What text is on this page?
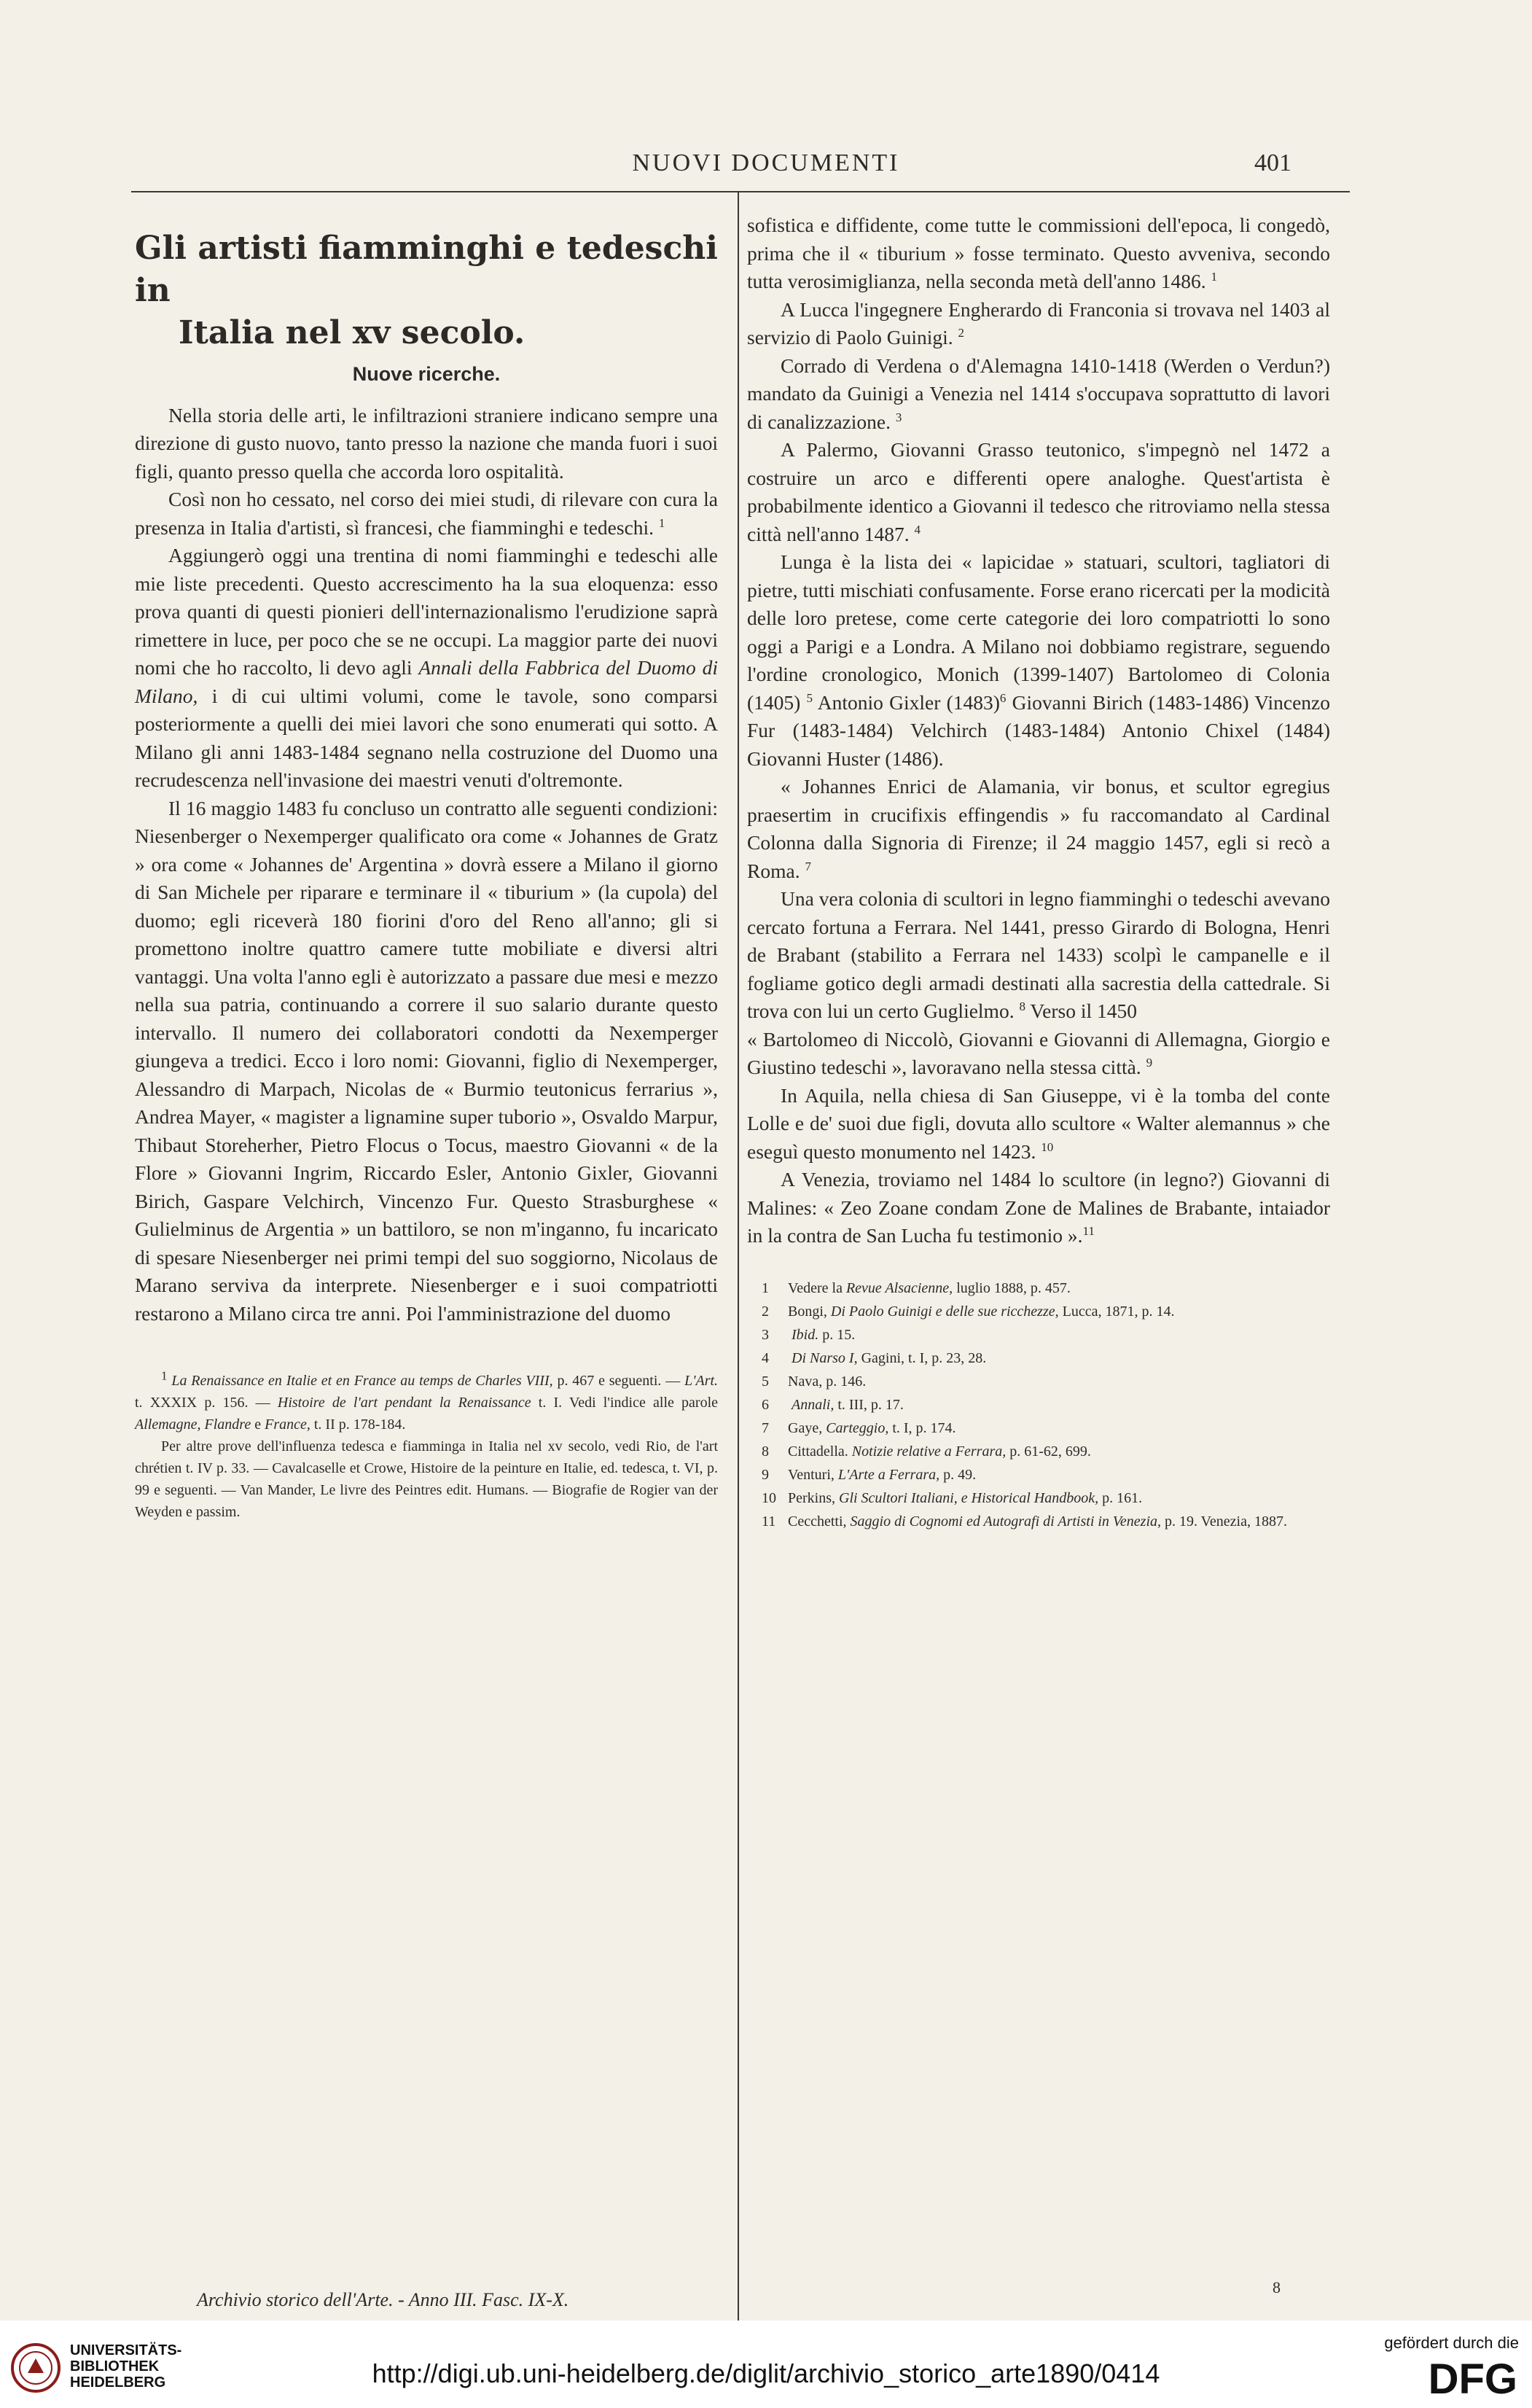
NUOVI DOCUMENTI	401
Gli artisti fiamminghi e tedeschi in
Italia nel xv secolo.
Nuove ricerche.

Nella storia delle arti, le infiltrazioni straniere indicano sempre una direzione di gusto nuovo, tanto presso la nazione che manda fuori i suoi figli, quanto presso quella che accorda loro ospitalità.

Così non ho cessato, nel corso dei miei studi, di rilevare con cura la presenza in Italia d'artisti, sì francesi, che fiamminghi e tedeschi. $^1$

Aggiungerò oggi una trentina di nomi fiamminghi e tedeschi alle mie liste precedenti. Questo accrescimento ha la sua eloquenza: esso prova quanti di questi pionieri dell'internazionalismo l'erudizione saprà rimettere in luce, per poco che se ne occupi. La maggior parte dei nuovi nomi che ho raccolto, li devo agli Annali della Fabbrica del Duomo di Milano, i di cui ultimi volumi, come le tavole, sono comparsi posteriormente a quelli dei miei lavori che sono enumerati qui sotto. A Milano gli anni 1483-1484 segnano nella costruzione del Duomo una recrudescenza nell'invasione dei maestri venuti d'oltremonte.

Il 16 maggio 1483 fu concluso un contratto alle seguenti condizioni: Niesenberger o Nexemperger qualificato ora come « Johannes de Gratz » ora come « Johannes de' Argentina » dovrà essere a Milano il giorno di San Michele per riparare e terminare il « tiburium » (la cupola) del duomo; egli riceverà 180 fiorini d'oro del Reno all'anno; gli si promettono inoltre quattro camere tutte mobiliate e diversi altri vantaggi. Una volta l'anno egli è autorizzato a passare due mesi e mezzo nella sua patria, continuando a correre il suo salario durante questo intervallo. Il numero dei collaboratori condotti da Nexemperger giungeva a tredici. Ecco i loro nomi: Giovanni, figlio di Nexemperger, Alessandro di Marpach, Nicolas de « Burmio teutonicus ferrarius », Andrea Mayer, « magister a lignamine super tuborio », Osvaldo Marpur, Thibaut Storeherher, Pietro Flocus o Tocus, maestro Giovanni « de la Flore » Giovanni Ingrim, Riccardo Esler, Antonio Gixler, Giovanni Birich, Gaspare Velchirch, Vincenzo Fur. Questo Strasburghese « Gulielminus de Argentia » un battiloro, se non m'inganno, fu incaricato di spesare Niesenberger nei primi tempi del suo soggiorno, Nicolaus de Marano serviva da interprete. Niesenberger e i suoi compatriotti restarono a Milano circa tre anni. Poi l'amministrazione del duomo

$^1$ La Renaissance en Italie et en France au temps de Charles VIII, p. 467 e seguenti. — L'Art. t. XXXIX p. 156. — Histoire de l'art pendant la Renaissance t. I. Vedi l'indice alle parole Allemagne, Flandre e France, t. II p. 178-184.

Per altre prove dell'influenza tedesca e fiamminga in Italia nel xv secolo, vedi Rio, de l'art chrétien t. IV p. 33. — Cavalcaselle et Crowe, Histoire de la peinture en Italie, ed. tedesca, t. VI, p. 99 e seguenti. — Van Mander, Le livre des Peintres edit. Humans. — Biografie de Rogier van der Weyden e passim.

sofistica e diffidente, come tutte le commissioni dell'epoca, li congedò, prima che il « tiburium » fosse terminato. Questo avveniva, secondo tutta verosimiglianza, nella seconda metà dell'anno 1486. $^1$

A Lucca l'ingegnere Engherardo di Franconia si trovava nel 1403 al servizio di Paolo Guinigi. $^2$

Corrado di Verdena o d'Alemagna 1410-1418 (Werden o Verdun?) mandato da Guinigi a Venezia nel 1414 s'occupava soprattutto di lavori di canalizzazione. $^3$

A Palermo, Giovanni Grasso teutonico, s'impegnò nel 1472 a costruire un arco e differenti opere analoghe. Quest'artista è probabilmente identico a Giovanni il tedesco che ritroviamo nella stessa città nell'anno 1487. $^4$

Lunga è la lista dei « lapicidae » statuari, scultori, tagliatori di pietre, tutti mischiati confusamente. Forse erano ricercati per la modicità delle loro pretese, come certe categorie dei loro compatriotti lo sono oggi a Parigi e a Londra. A Milano noi dobbiamo registrare, seguendo l'ordine cronologico, Monich (1399-1407) Bartolomeo di Colonia (1405) $^5$ Antonio Gixler $(1483)^6$ Giovanni Birich (1483-1486) Vincenzo Fur (1483-1484) Velchirch (1483-1484) Antonio Chixel (1484) Giovanni Huster (1486).

« Johannes Enrici de Alamania, vir bonus, et scultor egregius praesertim in crucifixis effingendis » fu raccomandato al Cardinal Colonna dalla Signoria di Firenze; il 24 maggio 1457, egli si recò a Roma. $^7$

Una vera colonia di scultori in legno fiamminghi o tedeschi avevano cercato fortuna a Ferrara. Nel 1441, presso Girardo di Bologna, Henri de Brabant (stabilito a Ferrara nel 1433) scolpì le campanelle e il fogliame gotico degli armadi destinati alla sacrestia della cattedrale. Si trova con lui un certo Guglielmo. $^8$ Verso il 1450

« Bartolomeo di Niccolò, Giovanni e Giovanni di Allemagna, Giorgio e Giustino tedeschi », lavoravano nella stessa città. $^9$

In Aquila, nella chiesa di San Giuseppe, vi è la tomba del conte Lolle e de' suoi due figli, dovuta allo scultore « Walter alemannus » che eseguì questo monumento nel 1423. $^{10}$

A Venezia, troviamo nel 1484 lo scultore (in legno?) Giovanni di Malines: « Zeo Zoane condam Zone de Malines de Brabante, intaiador in la contra de San Lucha fu testimonio ».$^{11}$

1 Vedere la Revue Alsacienne, luglio 1888, p. 457.
2 Bongi, Di Paolo Guinigi e delle sue ricchezze, Lucca, 1871, p. 14.
3 Ibid. p. 15.
4 Di Narso I, Gagini, t. I, p. 23, 28.
5 Nava, p. 146.
6 Annali, t. III, p. 17.
7 Gaye, Carteggio, t. I, p. 174.
8 Cittadella. Notizie relative a Ferrara, p. 61-62, 699.
9 Venturi, L'Arte a Ferrara, p. 49.
10 Perkins, Gli Scultori Italiani, e Historical Handbook, p. 161.
11 Cecchetti, Saggio di Cognomi ed Autografi di Artisti in Venezia, p. 19. Venezia, 1887.
Archivio storico dell'Arte. - Anno III. Fasc. IX-X.
8
UNIVERSITÄTS-
BIBLIOTHEK
HEIDELBERG	http://digi.ub.uni-heidelberg.de/diglit/archivio_storico_arte1890/0414
gefördert durch die
DFG
